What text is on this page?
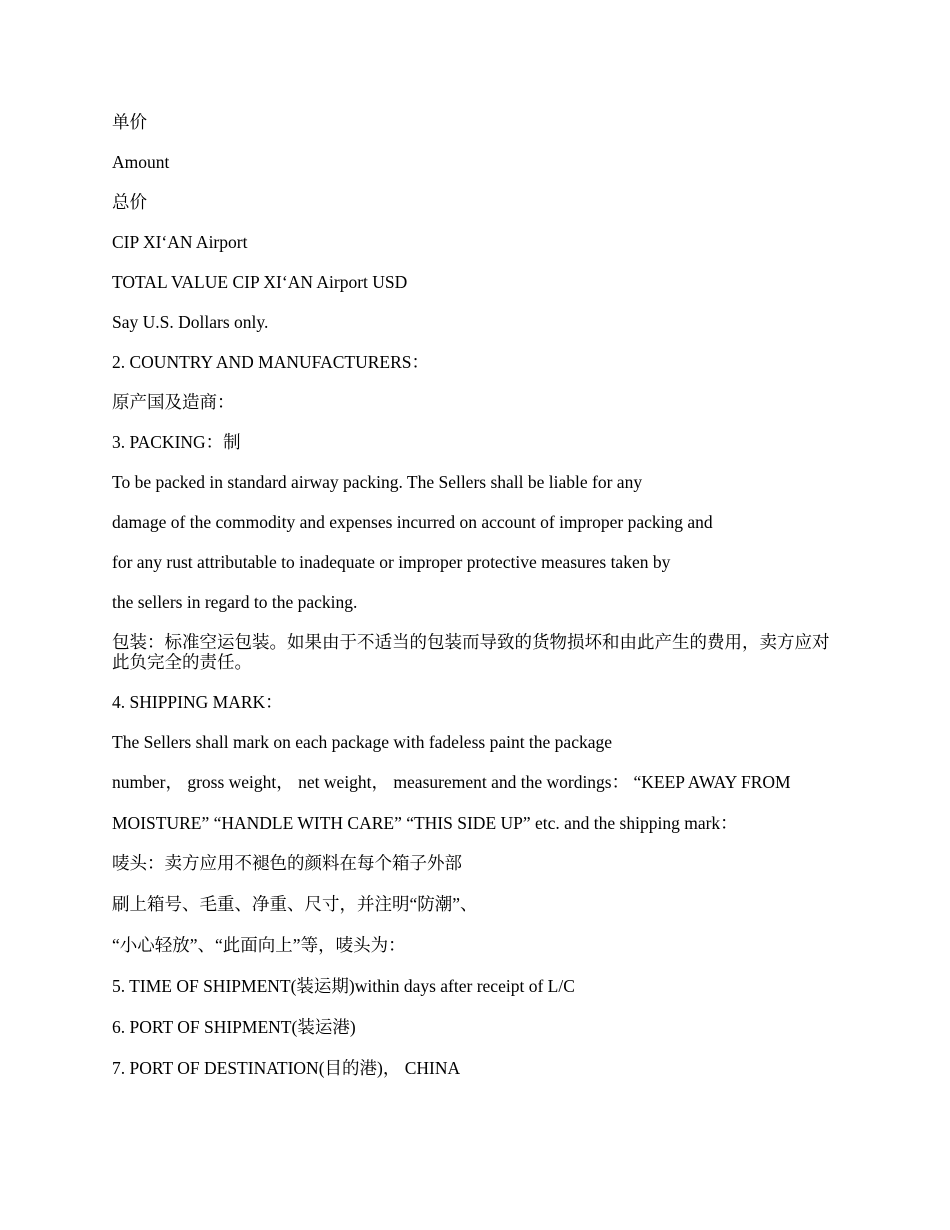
单价

Amount

总价

CIP XI‘AN Airport

TOTAL VALUE CIP XI‘AN Airport USD

Say U.S. Dollars only.

2. COUNTRY AND MANUFACTURERS：

原产国及造商：

3. PACKING：制

To be packed in standard airway packing. The Sellers shall be liable for any

damage of the commodity and expenses incurred on account of improper packing and

for any rust attributable to inadequate or improper protective measures taken by

the sellers in regard to the packing.

包装：标准空运包装。如果由于不适当的包装而导致的货物损坏和由此产生的费用，卖方应对此负完全的责任。

4. SHIPPING MARK：

The Sellers shall mark on each package with fadeless paint the package

number， gross weight， net weight， measurement and the wordings： “KEEP AWAY FROM

MOISTURE” “HANDLE WITH CARE” “THIS SIDE UP” etc. and the shipping mark：

唛头：卖方应用不褪色的颜料在每个箱子外部

刷上箱号、毛重、净重、尺寸，并注明“防潮”、

“小心轻放”、“此面向上”等，唛头为：

5. TIME OF SHIPMENT(装运期)within days after receipt of L/C

6. PORT OF SHIPMENT(装运港)

7. PORT OF DESTINATION(目的港)， CHINA
